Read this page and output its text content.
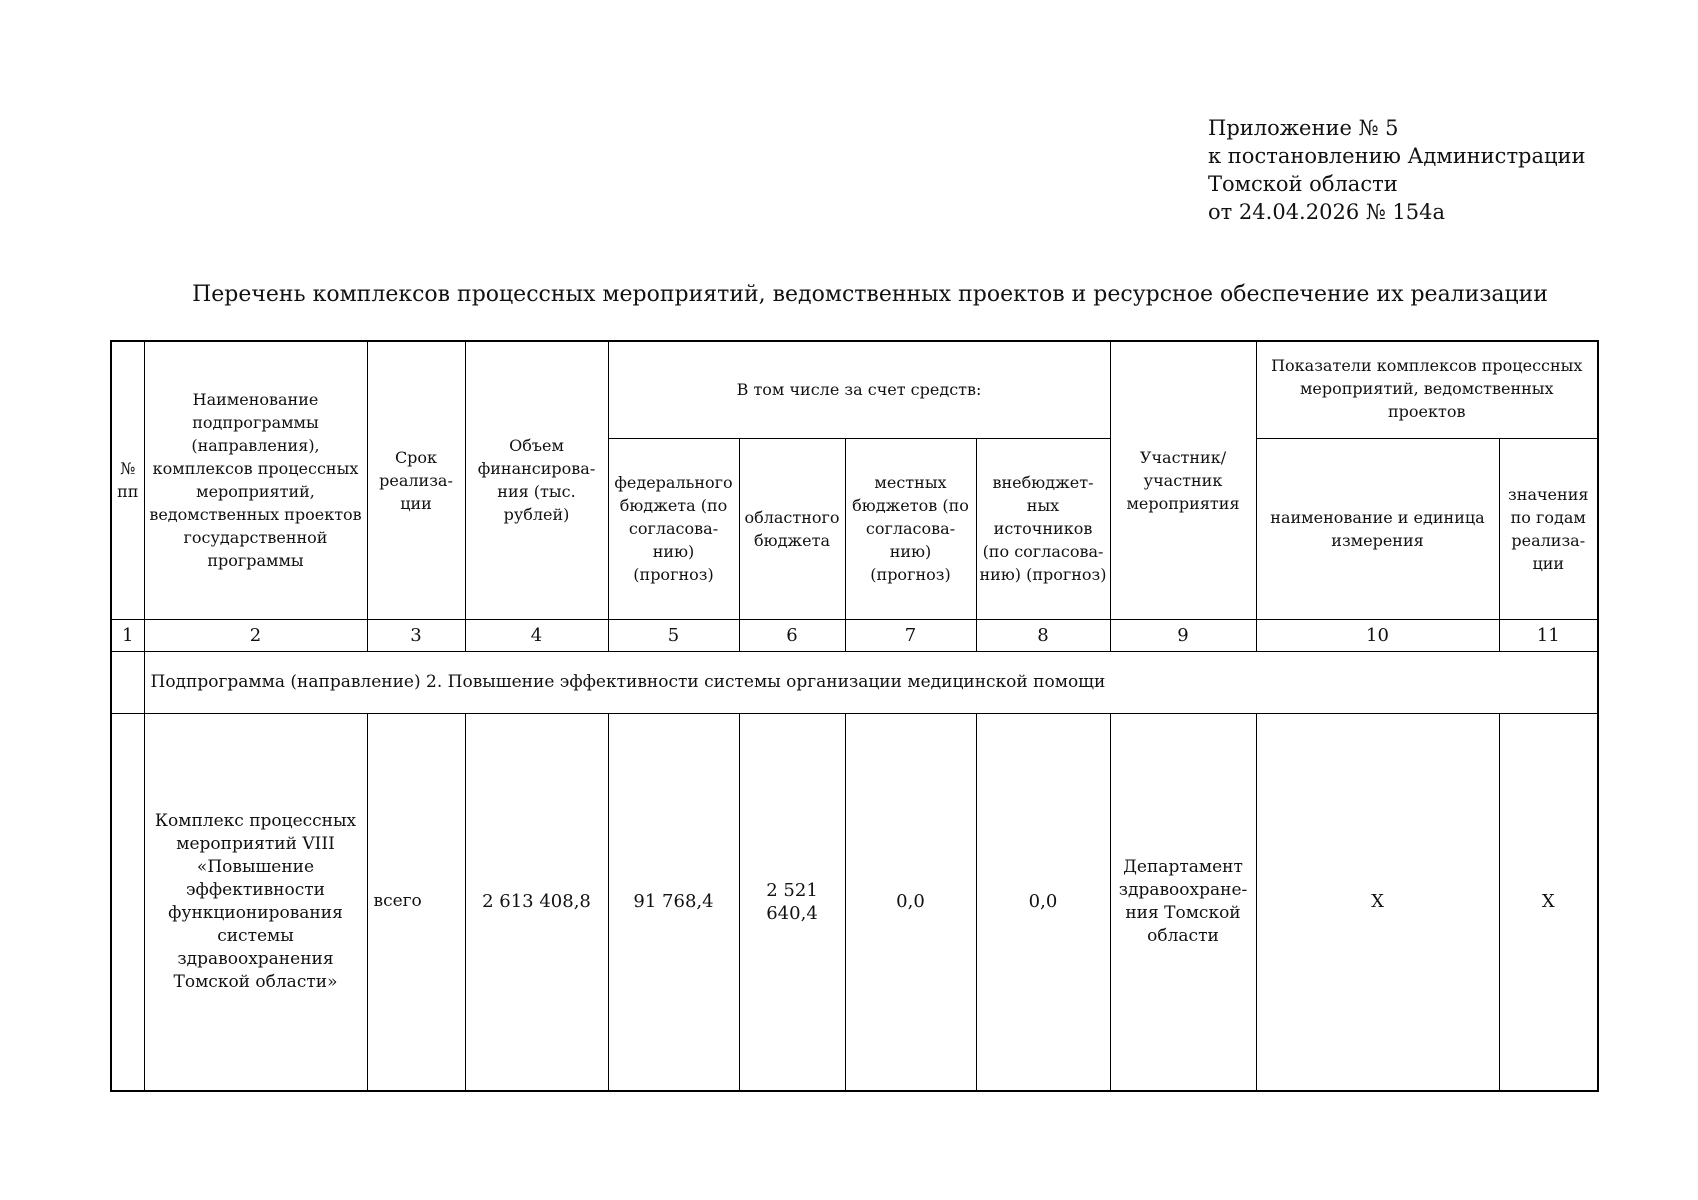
Приложение № 5
к постановлению Администрации
Томской области
от 24.04.2026 № 154а
Перечень комплексов процессных мероприятий, ведомственных проектов и ресурсное обеспечение их реализации
№ пп	Наименование подпрограммы (направления), комплексов процессных мероприятий, ведомственных проектов государственной программы	Срок реализа-ции	Объем финансирова-ния (тыс. рублей)	В том числе за счет средств:				Участник/ участник мероприятия	Показатели комплексов процессных мероприятий, ведомственных проектов	
				федерального бюджета (по согласова-нию) (прогноз)	областного бюджета	местных бюджетов (по согласова-нию) (прогноз)	внебюджет-ных источников (по согласова-нию) (прогноз)		наименование и единица измерения	значения по годам реализа-ции
1	2	3	4	5	6	7	8	9	10	11
	Подпрограмма (направление) 2. Повышение эффективности системы организации медицинской помощи									
	Комплекс процессных мероприятий VIII «Повышение эффективности функционирования системы здравоохранения Томской области»	всего	2 613 408,8	91 768,4	2 521 640,4	0,0	0,0	Департамент здравоохране-ния Томской области	Х	Х
